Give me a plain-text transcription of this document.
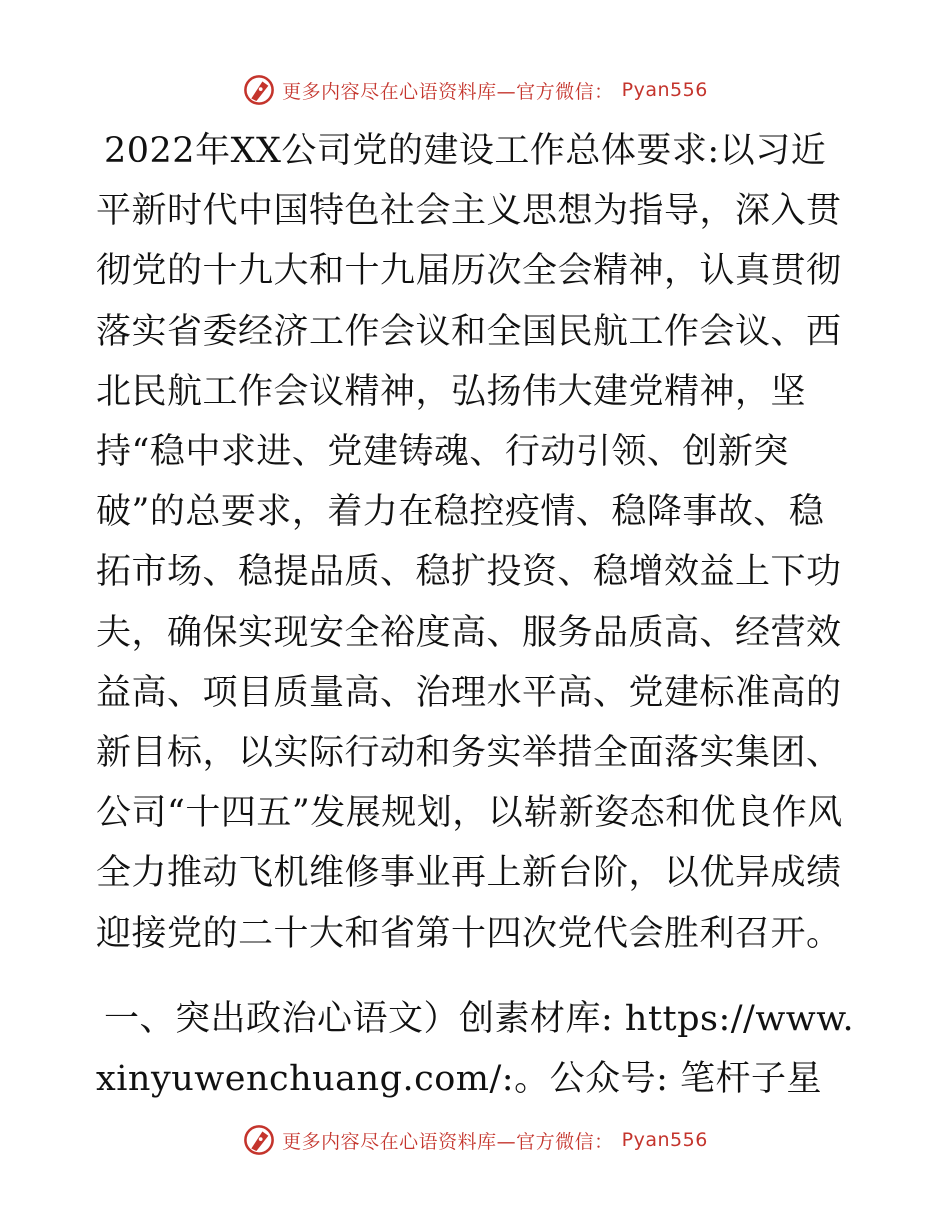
更多内容尽在心语资料库—官方微信： Pyan556

2022年XX公司党的建设工作总体要求:以习近平新时代中国特色社会主义思想为指导，深入贯彻党的十九大和十九届历次全会精神，认真贯彻落实省委经济工作会议和全国民航工作会议、西北民航工作会议精神，弘扬伟大建党精神，坚持“稳中求进、党建铸魂、行动引领、创新突破”的总要求，着力在稳控疫情、稳降事故、稳拓市场、稳提品质、稳扩投资、稳增效益上下功夫，确保实现安全裕度高、服务品质高、经营效益高、项目质量高、治理水平高、党建标准高的新目标，以实际行动和务实举措全面落实集团、公司“十四五”发展规划，以崭新姿态和优良作风全力推动飞机维修事业再上新台阶，以优异成绩迎接党的二十大和省第十四次党代会胜利召开。

一、突出政治心语文）创素材库: https://www.xinyuwenchuang.com/:。公众号: 笔杆子星

更多内容尽在心语资料库—官方微信： Pyan556
